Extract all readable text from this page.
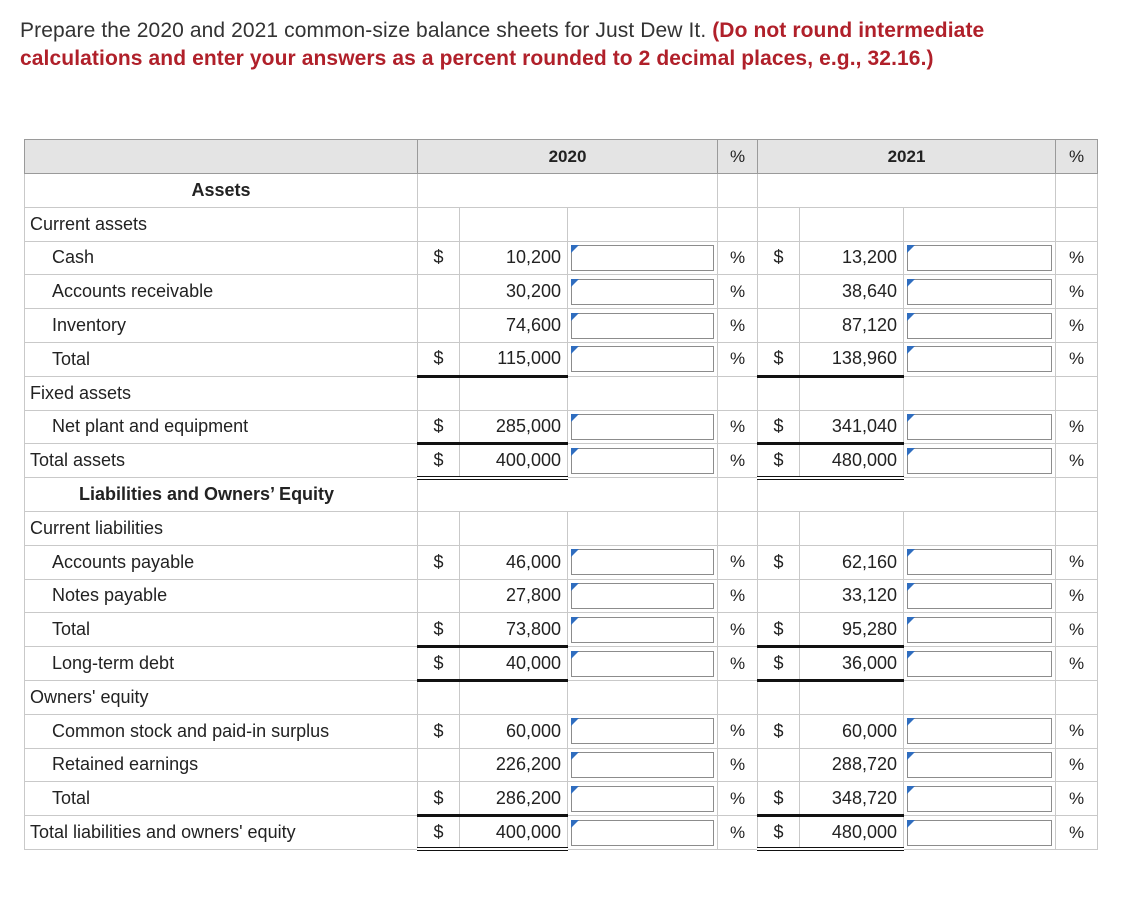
Prepare the 2020 and 2021 common-size balance sheets for Just Dew It. (Do not round intermediate calculations and enter your answers as a percent rounded to 2 decimal places, e.g., 32.16.)
	2020			%	2021			%
Assets								
Current assets								
Cash	$	10,200		%	$	13,200		%
Accounts receivable		30,200		%		38,640		%
Inventory		74,600		%		87,120		%
Total	$	115,000		%	$	138,960		%
Fixed assets								
Net plant and equipment	$	285,000		%	$	341,040		%
Total assets	$	400,000		%	$	480,000		%
Liabilities and Owners’ Equity								
Current liabilities								
Accounts payable	$	46,000		%	$	62,160		%
Notes payable		27,800		%		33,120		%
Total	$	73,800		%	$	95,280		%
Long-term debt	$	40,000		%	$	36,000		%
Owners' equity								
Common stock and paid-in surplus	$	60,000		%	$	60,000		%
Retained earnings		226,200		%		288,720		%
Total	$	286,200		%	$	348,720		%
Total liabilities and owners' equity	$	400,000		%	$	480,000		%
